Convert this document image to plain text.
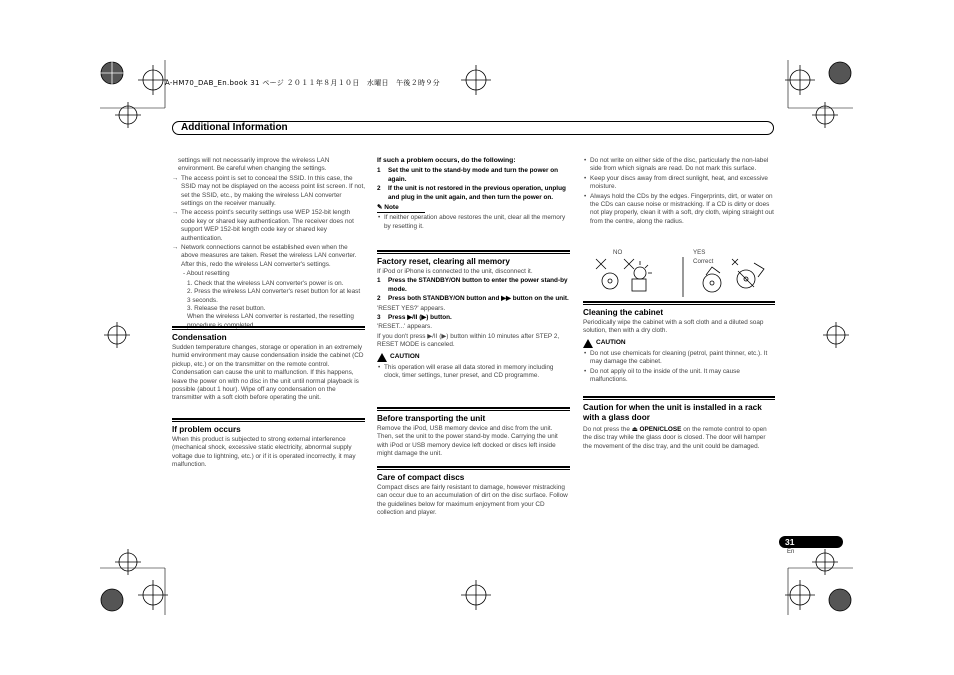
A-HM70_DAB_En.book 31 ページ ２０１１年８月１０日　水曜日　午後２時９分
Additional Information

settings will not necessarily improve the wireless LAN environment. Be careful when changing the settings.

→ The access point is set to conceal the SSID. In this case, the SSID may not be displayed on the access point list screen. If not, set the SSID, etc., by making the wireless LAN converter settings on the receiver manually.

→ The access point's security settings use WEP 152-bit length code key or shared key authentication. The receiver does not support WEP 152-bit length code key or shared key authentication.

→ Network connections cannot be established even when the above measures are taken. Reset the wireless LAN converter. After this, redo the wireless LAN converter's settings.

- About resetting

1. Check that the wireless LAN converter's power is on.

2. Press the wireless LAN converter's reset button for at least 3 seconds.

3. Release the reset button.

When the wireless LAN converter is restarted, the resetting procedure is completed.

Condensation

Sudden temperature changes, storage or operation in an extremely humid environment may cause condensation inside the cabinet (CD pickup, etc.) or on the transmitter on the remote control. Condensation can cause the unit to malfunction. If this happens, leave the power on with no disc in the unit until normal playback is possible (about 1 hour). Wipe off any condensation on the transmitter with a soft cloth before operating the unit.

If problem occurs

When this product is subjected to strong external interference (mechanical shock, excessive static electricity, abnormal supply voltage due to lightning, etc.) or if it is operated incorrectly, it may malfunction.

If such a problem occurs, do the following:

1 Set the unit to the stand-by mode and turn the power on again.

2 If the unit is not restored in the previous operation, unplug and plug in the unit again, and then turn the power on.

✎ Note

• If neither operation above restores the unit, clear all the memory by resetting it.

Factory reset, clearing all memory

If iPod or iPhone is connected to the unit, disconnect it.

1 Press the STANDBY/ON button to enter the power stand-by mode.

2 Press both STANDBY/ON button and ▶▶ button on the unit.

'RESET YES?' appears.

3 Press ▶/II (▶) button.

'RESET...' appears.

If you don't press ▶/II (▶) button within 10 minutes after STEP 2, RESET MODE is canceled.

CAUTION

• This operation will erase all data stored in memory including clock, timer settings, tuner preset, and CD programme.

Before transporting the unit

Remove the iPod, USB memory device and disc from the unit. Then, set the unit to the power stand-by mode. Carrying the unit with iPod or USB memory device left docked or discs left inside might damage the unit.

Care of compact discs

Compact discs are fairly resistant to damage, however mistracking can occur due to an accumulation of dirt on the disc surface. Follow the guidelines below for maximum enjoyment from your CD collection and player.

• Do not write on either side of the disc, particularly the non-label side from which signals are read. Do not mark this surface.

• Keep your discs away from direct sunlight, heat, and excessive moisture.

• Always hold the CDs by the edges. Fingerprints, dirt, or water on the CDs can cause noise or mistracking. If a CD is dirty or does not play properly, clean it with a soft, dry cloth, wiping straight out from the centre, along the radius.

NO	YES
Correct

Cleaning the cabinet

Periodically wipe the cabinet with a soft cloth and a diluted soap solution, then with a dry cloth.

CAUTION

• Do not use chemicals for cleaning (petrol, paint thinner, etc.). It may damage the cabinet.

• Do not apply oil to the inside of the unit. It may cause malfunctions.

Caution for when the unit is installed in a rack with a glass door

Do not press the ⏏ OPEN/CLOSE on the remote control to open the disc tray while the glass door is closed. The door will hamper the movement of the disc tray, and the unit could be damaged.

31
En
